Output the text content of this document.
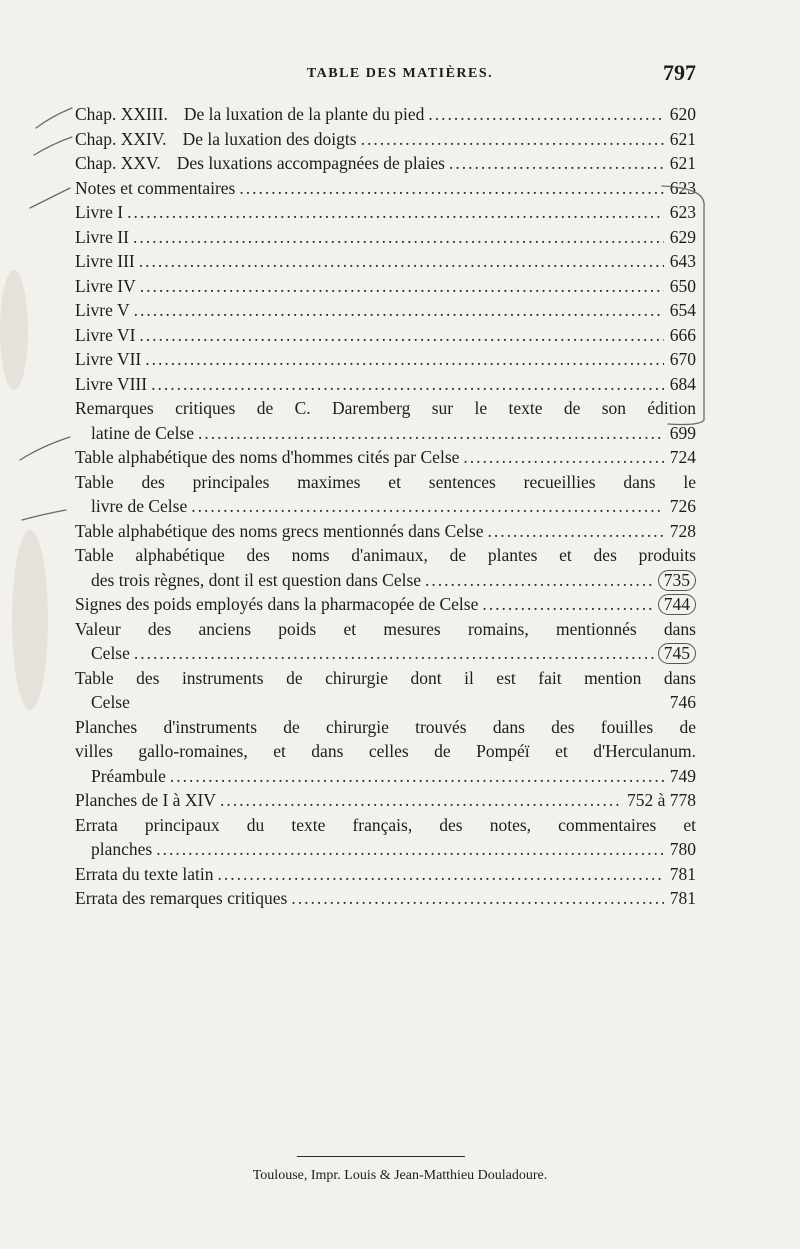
TABLE DES MATIÈRES.	797
Chap. XXIII. De la luxation de la plante du pied .....	620
Chap. XXIV. De la luxation des doigts .....	621
Chap. XXV. Des luxations accompagnées de plaies .....	621
Notes et commentaires .....	623
Livre I .....	623
Livre II .....	629
Livre III .....	643
Livre IV .....	650
Livre V .....	654
Livre VI .....	666
Livre VII .....	670
Livre VIII .....	684
Remarques critiques de C. Daremberg sur le texte de son édition
latine de Celse .....	699
Table alphabétique des noms d'hommes cités par Celse .....	724
Table des principales maximes et sentences recueillies dans le
livre de Celse .....	726
Table alphabétique des noms grecs mentionnés dans Celse .....	728
Table alphabétique des noms d'animaux, de plantes et des produits
des trois règnes, dont il est question dans Celse .....	735
Signes des poids employés dans la pharmacopée de Celse .....	744
Valeur des anciens poids et mesures romains, mentionnés dans
Celse .....	745
Table des instruments de chirurgie dont il est fait mention dans
Celse	746
Planches d'instruments de chirurgie trouvés dans des fouilles de
villes gallo-romaines, et dans celles de Pompéï et d'Herculanum.
Préambule .....	749
Planches de I à XIV .....	752 à 778
Errata principaux du texte français, des notes, commentaires et
planches .....	780
Errata du texte latin .....	781
Errata des remarques critiques .....	781
Toulouse, Impr. Louis & Jean-Matthieu Douladoure.
